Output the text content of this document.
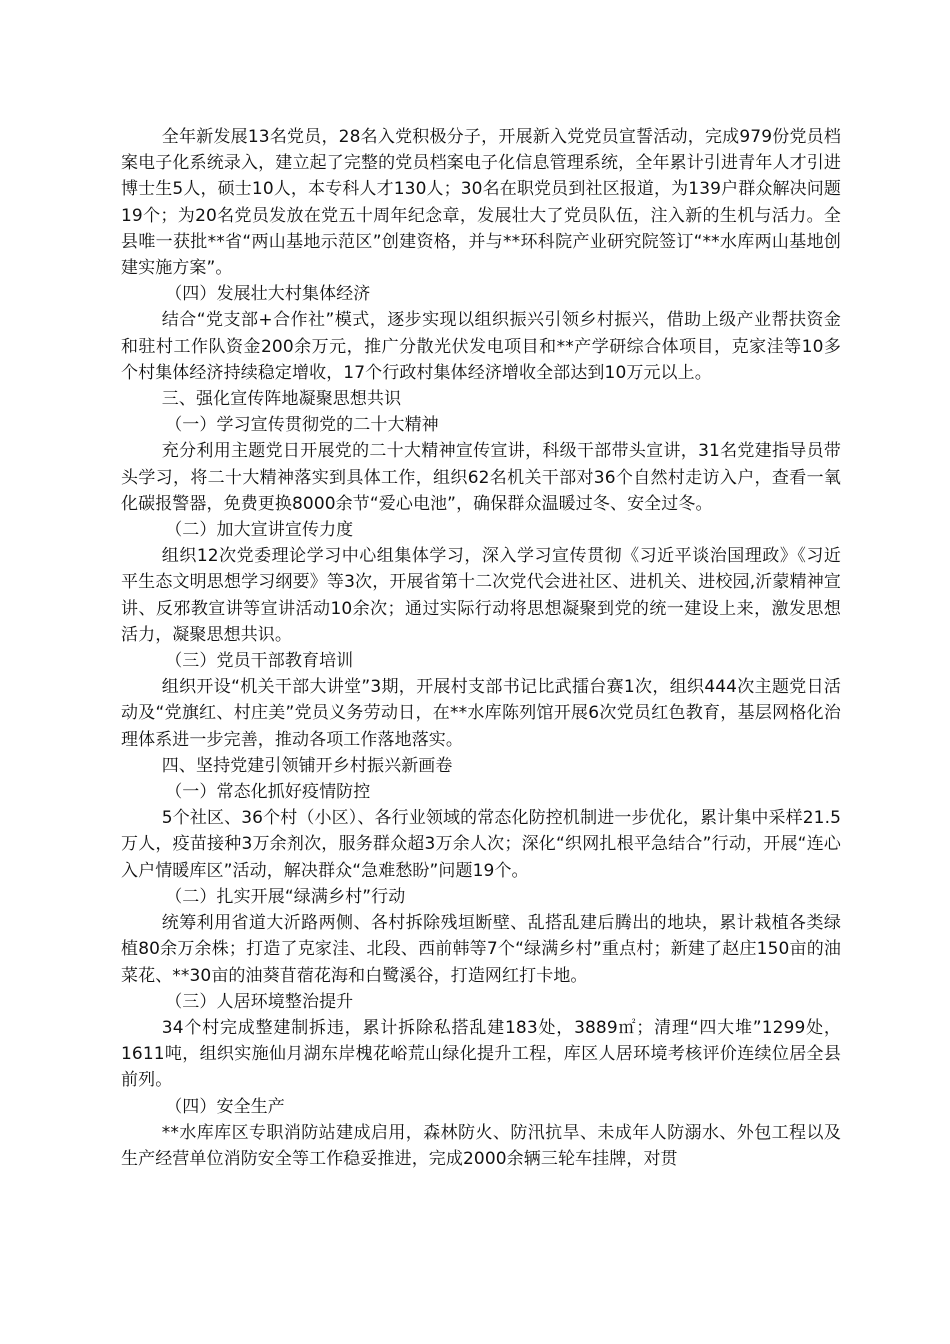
全年新发展13名党员，28名入党积极分子，开展新入党党员宣誓活动，完成979份党员档案电子化系统录入，建立起了完整的党员档案电子化信息管理系统，全年累计引进青年人才引进博士生5人，硕士10人，本专科人才130人；30名在职党员到社区报道，为139户群众解决问题19个；为20名党员发放在党五十周年纪念章，发展壮大了党员队伍，注入新的生机与活力。全县唯一获批**省“两山基地示范区”创建资格，并与**环科院产业研究院签订“**水库两山基地创建实施方案”。

（四）发展壮大村集体经济

结合“党支部+合作社”模式，逐步实现以组织振兴引领乡村振兴，借助上级产业帮扶资金和驻村工作队资金200余万元，推广分散光伏发电项目和**产学研综合体项目，克家洼等10多个村集体经济持续稳定增收，17个行政村集体经济增收全部达到10万元以上。

三、强化宣传阵地凝聚思想共识

（一）学习宣传贯彻党的二十大精神

充分利用主题党日开展党的二十大精神宣传宣讲，科级干部带头宣讲，31名党建指导员带头学习，将二十大精神落实到具体工作，组织62名机关干部对36个自然村走访入户，查看一氧化碳报警器，免费更换8000余节“爱心电池”，确保群众温暖过冬、安全过冬。

（二）加大宣讲宣传力度

组织12次党委理论学习中心组集体学习，深入学习宣传贯彻《习近平谈治国理政》《习近平生态文明思想学习纲要》等3次，开展省第十二次党代会进社区、进机关、进校园,沂蒙精神宣讲、反邪教宣讲等宣讲活动10余次；通过实际行动将思想凝聚到党的统一建设上来，激发思想活力，凝聚思想共识。

（三）党员干部教育培训

组织开设“机关干部大讲堂”3期，开展村支部书记比武擂台赛1次，组织444次主题党日活动及“党旗红、村庄美”党员义务劳动日，在**水库陈列馆开展6次党员红色教育，基层网格化治理体系进一步完善，推动各项工作落地落实。

四、坚持党建引领铺开乡村振兴新画卷

（一）常态化抓好疫情防控

5个社区、36个村（小区）、各行业领域的常态化防控机制进一步优化，累计集中采样21.5万人，疫苗接种3万余剂次，服务群众超3万余人次；深化“织网扎根平急结合”行动，开展“连心入户情暖库区”活动，解决群众“急难愁盼”问题19个。

（二）扎实开展“绿满乡村”行动

统筹利用省道大沂路两侧、各村拆除残垣断壁、乱搭乱建后腾出的地块，累计栽植各类绿植80余万余株；打造了克家洼、北段、西前韩等7个“绿满乡村”重点村；新建了赵庄150亩的油菜花、**30亩的油葵苜蓿花海和白鹭溪谷，打造网红打卡地。

（三）人居环境整治提升

34个村完成整建制拆违，累计拆除私搭乱建183处，3889㎡；清理“四大堆”1299处，1611吨，组织实施仙月湖东岸槐花峪荒山绿化提升工程，库区人居环境考核评价连续位居全县前列。

（四）安全生产

**水库库区专职消防站建成启用，森林防火、防汛抗旱、未成年人防溺水、外包工程以及生产经营单位消防安全等工作稳妥推进，完成2000余辆三轮车挂牌，对贯
